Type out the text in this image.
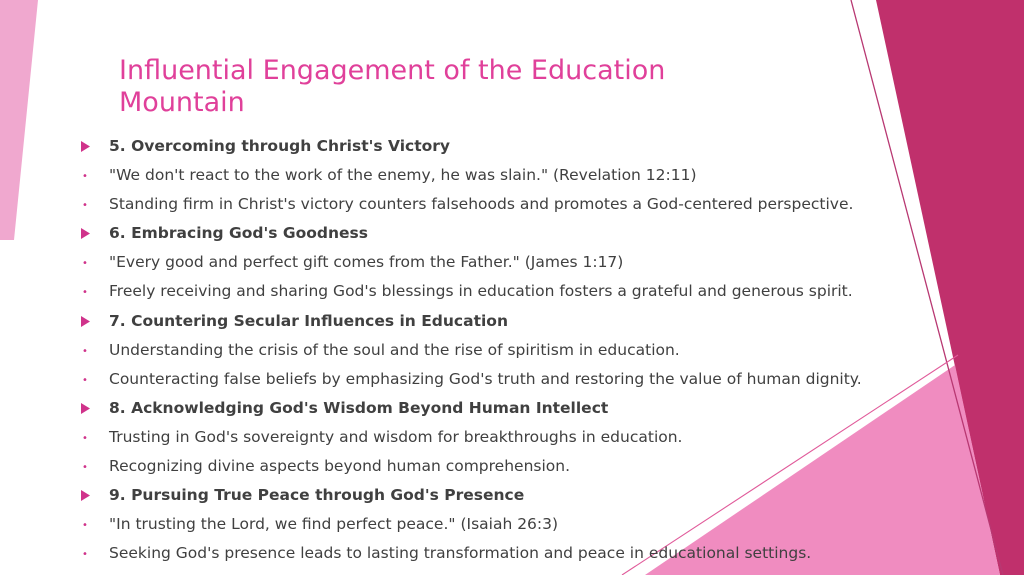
Influential Engagement of the Education
Mountain
5. Overcoming through Christ's Victory
• "We don't react to the work of the enemy, he was slain." (Revelation 12:11)
• Standing firm in Christ's victory counters falsehoods and promotes a God-centered perspective.
6. Embracing God's Goodness
• "Every good and perfect gift comes from the Father." (James 1:17)
• Freely receiving and sharing God's blessings in education fosters a grateful and generous spirit.
7. Countering Secular Influences in Education
• Understanding the crisis of the soul and the rise of spiritism in education.
• Counteracting false beliefs by emphasizing God's truth and restoring the value of human dignity.
8. Acknowledging God's Wisdom Beyond Human Intellect
• Trusting in God's sovereignty and wisdom for breakthroughs in education.
• Recognizing divine aspects beyond human comprehension.
9. Pursuing True Peace through God's Presence
• "In trusting the Lord, we find perfect peace." (Isaiah 26:3)
• Seeking God's presence leads to lasting transformation and peace in educational settings.
